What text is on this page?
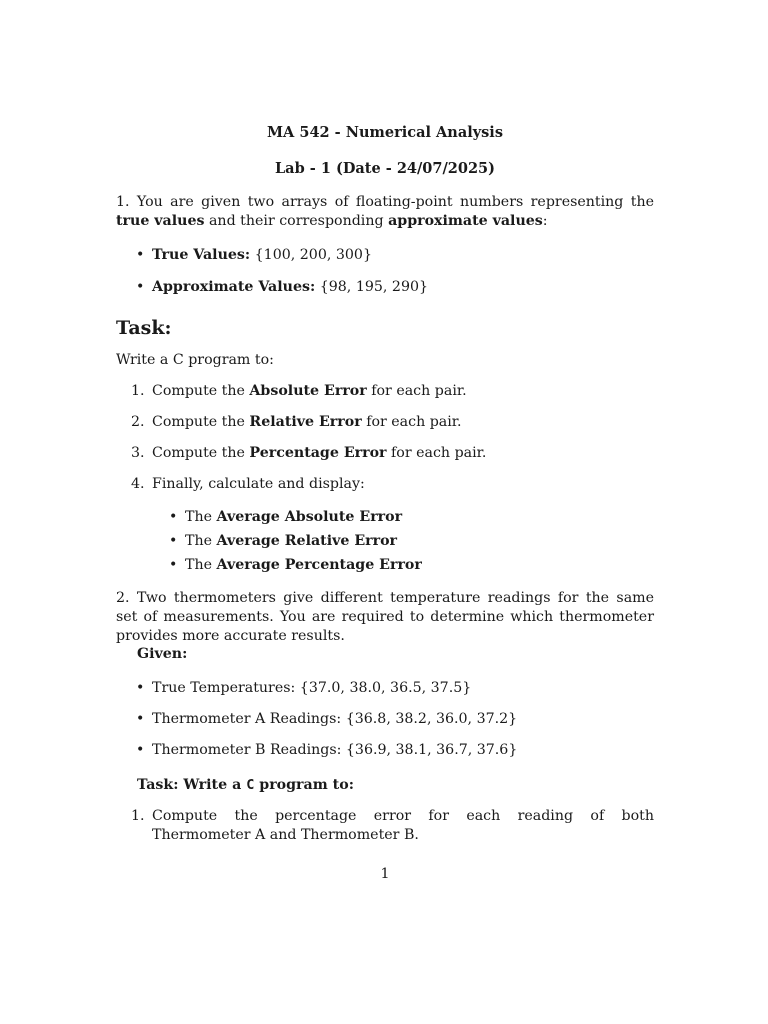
MA 542 - Numerical Analysis
Lab - 1 (Date - 24/07/2025)
1. You are given two arrays of floating-point numbers representing the true values and their corresponding approximate values:
• True Values: {100, 200, 300}
• Approximate Values: {98, 195, 290}
Task:
Write a C program to:
1. Compute the Absolute Error for each pair.
2. Compute the Relative Error for each pair.
3. Compute the Percentage Error for each pair.
4. Finally, calculate and display:
• The Average Absolute Error
• The Average Relative Error
• The Average Percentage Error
2. Two thermometers give different temperature readings for the same set of measurements. You are required to determine which thermometer provides more accurate results.
Given:
• True Temperatures: {37.0, 38.0, 36.5, 37.5}
• Thermometer A Readings: {36.8, 38.2, 36.0, 37.2}
• Thermometer B Readings: {36.9, 38.1, 36.7, 37.6}
Task: Write a C program to:
1. Compute the percentage error for each reading of both Thermometer A and Thermometer B.
1
